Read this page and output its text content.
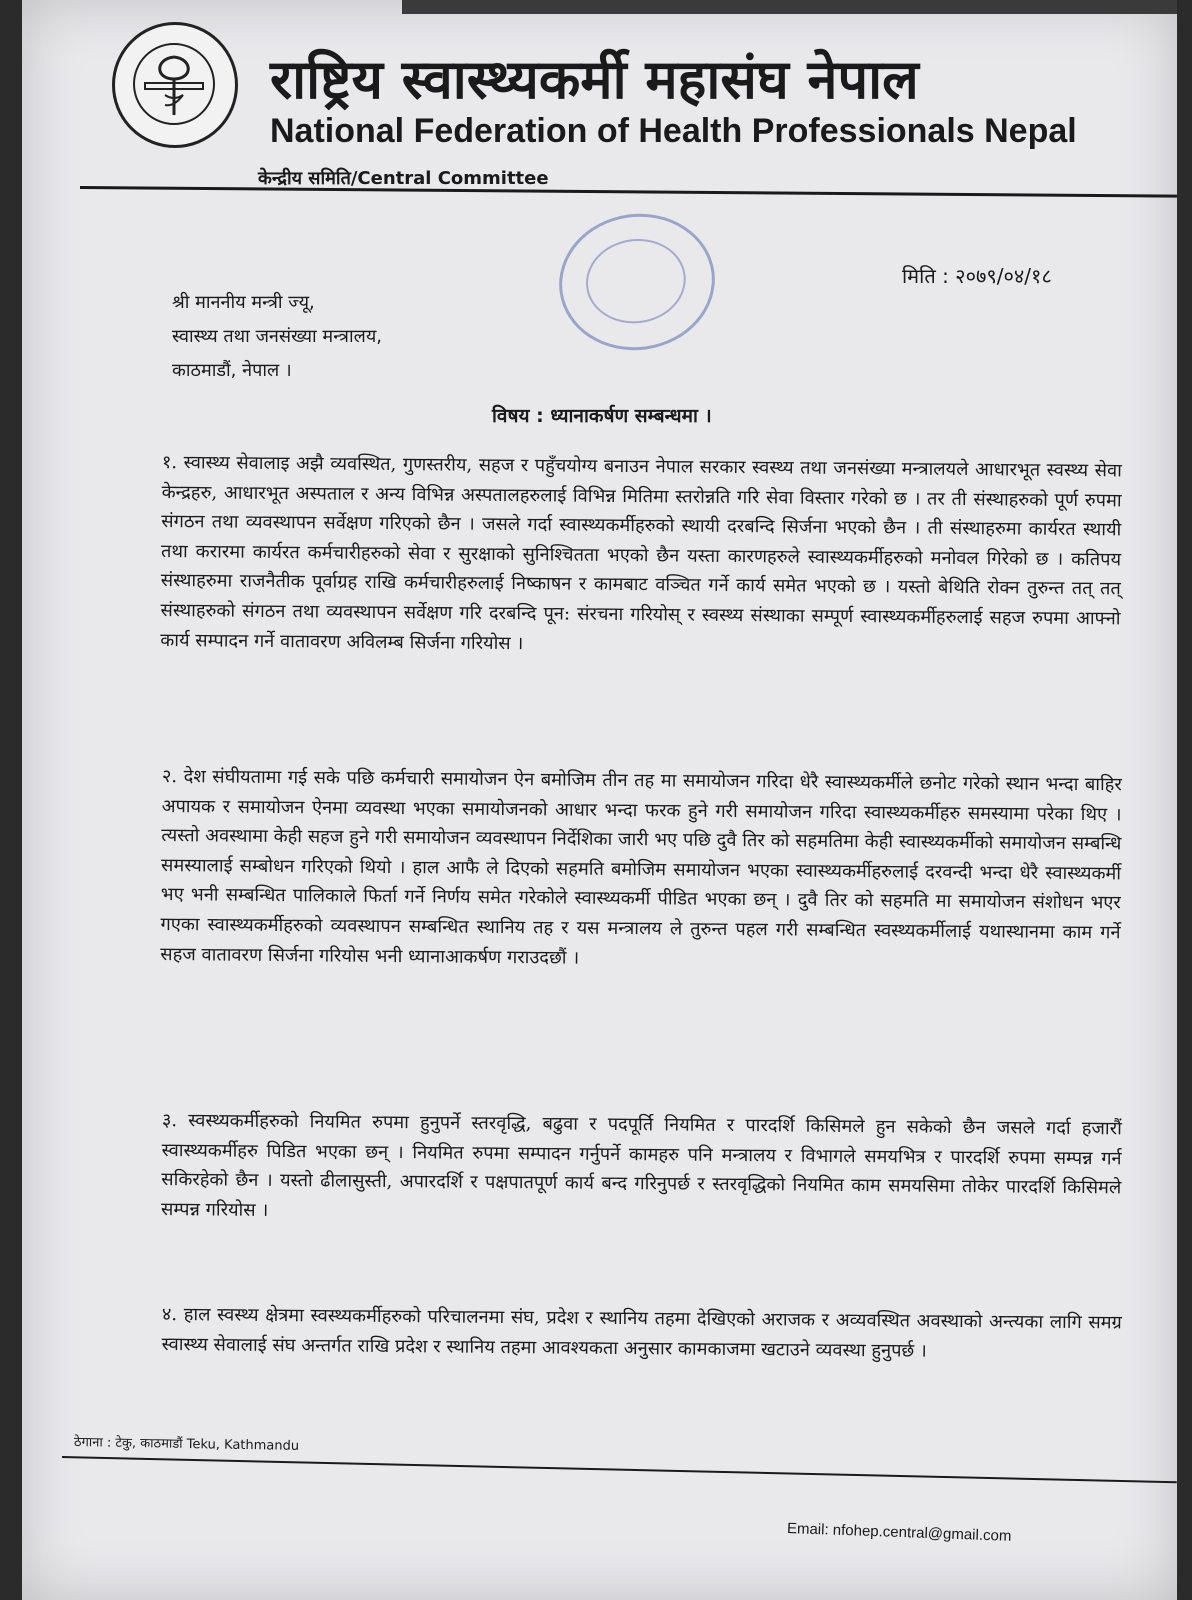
राष्ट्रिय स्वास्थ्यकर्मी महासंघ नेपाल
National Federation of Health Professionals Nepal
केन्द्रीय समिति/Central Committee
मिति : २०७९/०४/१८
श्री माननीय मन्त्री ज्यू,
स्वास्थ्य तथा जनसंख्या मन्त्रालय,
काठमाडौं, नेपाल ।
विषय : ध्यानाकर्षण सम्बन्धमा ।
१. स्वास्थ्य सेवालाइ अझै व्यवस्थित, गुणस्तरीय, सहज र पहुँचयोग्य बनाउन नेपाल सरकार स्वस्थ्य तथा जनसंख्या मन्त्रालयले आधारभूत स्वस्थ्य सेवा केन्द्रहरु, आधारभूत अस्पताल र अन्य विभिन्न अस्पतालहरुलाई विभिन्न मितिमा स्तरोन्नति गरि सेवा विस्तार गरेको छ । तर ती संस्थाहरुको पूर्ण रुपमा संगठन तथा व्यवस्थापन सर्वेक्षण गरिएको छैन । जसले गर्दा स्वास्थ्यकर्मीहरुको स्थायी दरबन्दि सिर्जना भएको छैन । ती संस्थाहरुमा कार्यरत स्थायी तथा करारमा कार्यरत कर्मचारीहरुको सेवा र सुरक्षाको सुनिश्चितता भएको छैन यस्ता कारणहरुले स्वास्थ्यकर्मीहरुको मनोवल गिरेको छ । कतिपय संस्थाहरुमा राजनैतीक पूर्वाग्रह राखि कर्मचारीहरुलाई निष्काषन र कामबाट वञ्चित गर्ने कार्य समेत भएको छ । यस्तो बेथिति रोक्न तुरुन्त तत् तत् संस्थाहरुको संगठन तथा व्यवस्थापन सर्वेक्षण गरि दरबन्दि पून: संरचना गरियोस् र स्वस्थ्य संस्थाका सम्पूर्ण स्वास्थ्यकर्मीहरुलाई सहज रुपमा आफ्नो कार्य सम्पादन गर्ने वातावरण अविलम्ब सिर्जना गरियोस ।
२. देश संघीयतामा गई सके पछि कर्मचारी समायोजन ऐन बमोजिम तीन तह मा समायोजन गरिदा धेरै स्वास्थ्यकर्मीले छनोट गरेको स्थान भन्दा बाहिर अपायक र समायोजन ऐनमा व्यवस्था भएका समायोजनको आधार भन्दा फरक हुने गरी समायोजन गरिदा स्वास्थ्यकर्मीहरु समस्यामा परेका थिए । त्यस्तो अवस्थामा केही सहज हुने गरी समायोजन व्यवस्थापन निर्देशिका जारी भए पछि दुवै तिर को सहमतिमा केही स्वास्थ्यकर्मीको समायोजन सम्बन्धि समस्यालाई सम्बोधन गरिएको थियो । हाल आफै ले दिएको सहमति बमोजिम समायोजन भएका स्वास्थ्यकर्मीहरुलाई दरवन्दी भन्दा धेरै स्वास्थ्यकर्मी भए भनी सम्बन्धित पालिकाले फिर्ता गर्ने निर्णय समेत गरेकोले स्वास्थ्यकर्मी पीडित भएका छन् । दुवै तिर को सहमति मा समायोजन संशोधन भएर गएका स्वास्थ्यकर्मीहरुको व्यवस्थापन सम्बन्धित स्थानिय तह र यस मन्त्रालय ले तुरुन्त पहल गरी सम्बन्धित स्वस्थ्यकर्मीलाई यथास्थानमा काम गर्ने सहज वातावरण सिर्जना गरियोस भनी ध्यानाआकर्षण गराउदछौं ।
३. स्वस्थ्यकर्मीहरुको नियमित रुपमा हुनुपर्ने स्तरवृद्धि, बढुवा र पदपूर्ति नियमित र पारदर्शि किसिमले हुन सकेको छैन जसले गर्दा हजारौं स्वास्थ्यकर्मीहरु पिडित भएका छन् । नियमित रुपमा सम्पादन गर्नुपर्ने कामहरु पनि मन्त्रालय र विभागले समयभित्र र पारदर्शि रुपमा सम्पन्न गर्न सकिरहेको छैन । यस्तो ढीलासुस्ती, अपारदर्शि र पक्षपातपूर्ण कार्य बन्द गरिनुपर्छ र स्तरवृद्धिको नियमित काम समयसिमा तोकेर पारदर्शि किसिमले सम्पन्न गरियोस ।
४. हाल स्वस्थ्य क्षेत्रमा स्वस्थ्यकर्मीहरुको परिचालनमा संघ, प्रदेश र स्थानिय तहमा देखिएको अराजक र अव्यवस्थित अवस्थाको अन्त्यका लागि समग्र स्वास्थ्य सेवालाई संघ अन्तर्गत राखि प्रदेश र स्थानिय तहमा आवश्यकता अनुसार कामकाजमा खटाउने व्यवस्था हुनुपर्छ ।
ठेगाना : टेकु, काठमाडौं Teku, Kathmandu
Email: nfohep.central@gmail.com
